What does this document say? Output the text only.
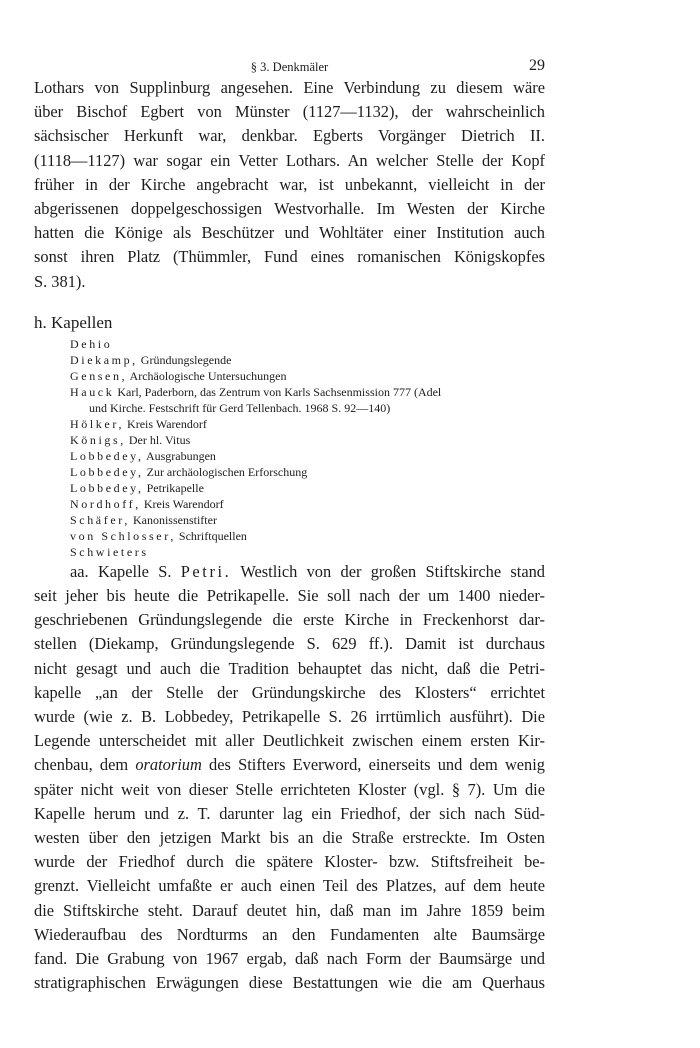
§ 3. Denkmäler	29

Lothars von Supplinburg angesehen. Eine Verbindung zu diesem wäre
über Bischof Egbert von Münster (1127—1132), der wahrscheinlich
sächsischer Herkunft war, denkbar. Egberts Vorgänger Dietrich II.
(1118—1127) war sogar ein Vetter Lothars. An welcher Stelle der Kopf
früher in der Kirche angebracht war, ist unbekannt, vielleicht in der
abgerissenen doppelgeschossigen Westvorhalle. Im Westen der Kirche
hatten die Könige als Beschützer und Wohltäter einer Institution auch
sonst ihren Platz (Thümmler, Fund eines romanischen Königskopfes
S. 381).

h. Kapellen
Dehio
Diekamp, Gründungslegende
Gensen, Archäologische Untersuchungen
Hauck Karl, Paderborn, das Zentrum von Karls Sachsenmission 777 (Adel
und Kirche. Festschrift für Gerd Tellenbach. 1968 S. 92—140)
Hölker, Kreis Warendorf
Königs, Der hl. Vitus
Lobbedey, Ausgrabungen
Lobbedey, Zur archäologischen Erforschung
Lobbedey, Petrikapelle
Nordhoff, Kreis Warendorf
Schäfer, Kanonissenstifter
von Schlosser, Schriftquellen
Schwieters

aa. Kapelle S. Petri. Westlich von der großen Stiftskirche stand
seit jeher bis heute die Petrikapelle. Sie soll nach der um 1400 nieder-
geschriebenen Gründungslegende die erste Kirche in Freckenhorst dar-
stellen (Diekamp, Gründungslegende S. 629 ff.). Damit ist durchaus
nicht gesagt und auch die Tradition behauptet das nicht, daß die Petri-
kapelle „an der Stelle der Gründungskirche des Klosters“ errichtet
wurde (wie z. B. Lobbedey, Petrikapelle S. 26 irrtümlich ausführt). Die
Legende unterscheidet mit aller Deutlichkeit zwischen einem ersten Kir-
chenbau, dem oratorium des Stifters Everword, einerseits und dem wenig
später nicht weit von dieser Stelle errichteten Kloster (vgl. § 7). Um die
Kapelle herum und z. T. darunter lag ein Friedhof, der sich nach Süd-
westen über den jetzigen Markt bis an die Straße erstreckte. Im Osten
wurde der Friedhof durch die spätere Kloster- bzw. Stiftsfreiheit be-
grenzt. Vielleicht umfaßte er auch einen Teil des Platzes, auf dem heute
die Stiftskirche steht. Darauf deutet hin, daß man im Jahre 1859 beim
Wiederaufbau des Nordturms an den Fundamenten alte Baumsärge
fand. Die Grabung von 1967 ergab, daß nach Form der Baumsärge und
stratigraphischen Erwägungen diese Bestattungen wie die am Querhaus
